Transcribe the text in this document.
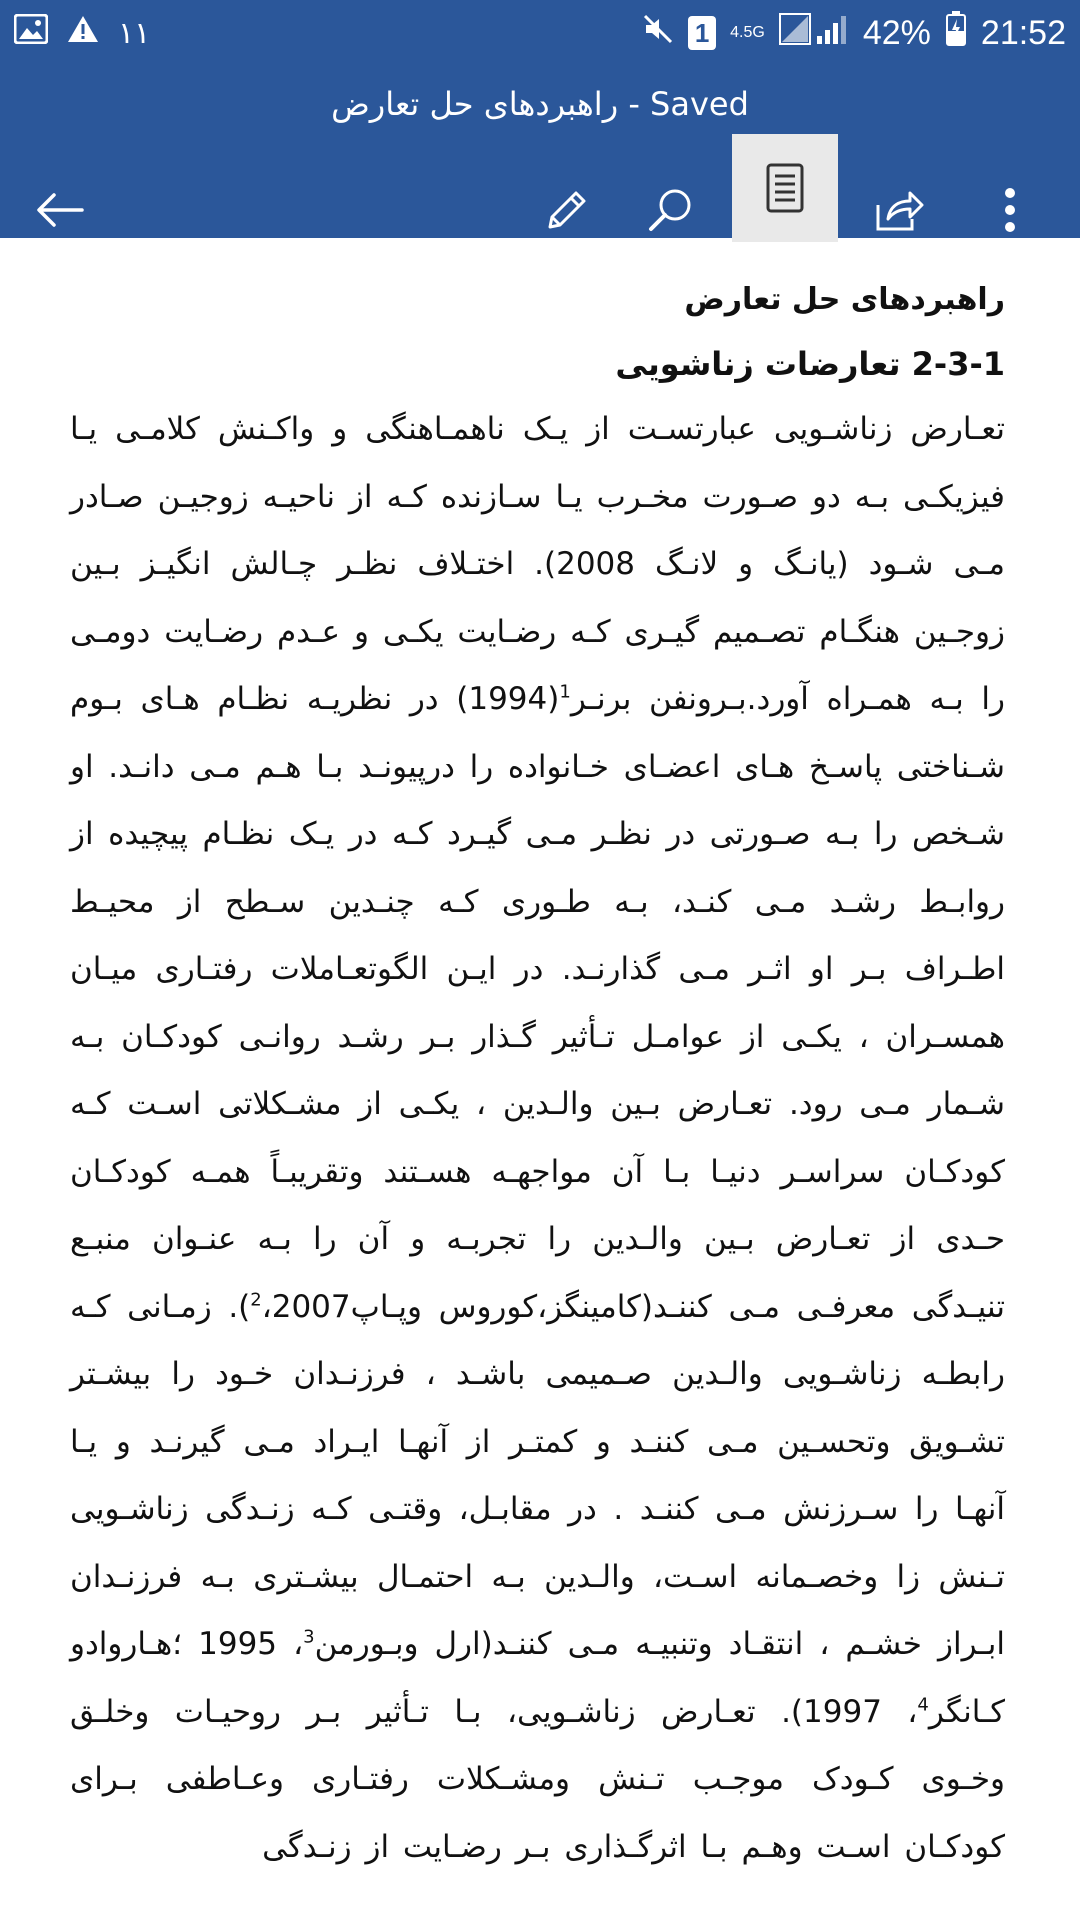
۱۱	1	4.5G	42% 21:52
راهبردهای حل تعارض - Saved
راهبردهای حل تعارض
2-3-1 تعارضات زناشویی

تعـارض زناشـویی عبارتسـت از یـک ناهمـاهنگی و واکـنش کلامـی یـا فیزیکـی بـه دو صـورت مخـرب یـا سـازنده کـه از ناحیـه زوجیـن صـادر مـی شـود (یانـگ و لانـگ 2008). اختـلاف نظـر چـالش انگیـز بـین زوجـین هنگـام تصـمیم گیـری کـه رضـایت یکـی و عـدم رضـایت دومـی را بـه همـراه آورد.بـرونفن برنـر$^1$(1994) در نظریـه نظـام هـای بـوم شـناختی پاسـخ هـای اعضـای خـانواده را درپیونـد بـا هـم مـی دانـد. او شـخص را بـه صـورتی در نظـر مـی گیـرد کـه در یـک نظـام پیچیده از روابـط رشـد مـی کنـد، بـه طـوری کـه چنـدین سـطح از محیـط اطـراف بـر او اثـر مـی گذارنـد. در ایـن الگوتعـاملات رفتـاری میـان همسـران ، یکـی از عوامـل تـأثیر گـذار بـر رشـد روانـی کودکـان بـه شـمار مـی رود. تعـارض بـین والـدین ، یکـی از مشـکلاتی اسـت کـه کودکـان سراسـر دنیـا بـا آن مواجهـه هسـتند وتقریبـاً همـه کودکـان حـدی از تعـارض بـین والـدین را تجربـه و آن را بـه عنـوان منبـع تنیـدگی معرفـی مـی کننـد(کامینگز،کوروس وپـاپ$^2$،2007). زمـانی کـه رابطـه زناشـویی والـدین صـمیمی باشـد ، فرزنـدان خـود را بیشـتر تشـویق وتحسـین مـی کننـد و کمتـر از آنهـا ایـراد مـی گیرنـد و یـا آنهـا را سـرزنش مـی کننـد . در مقابـل، وقتـی کـه زنـدگی زناشـویی تـنش زا وخصـمانه اسـت، والـدین بـه احتمـال بیشـتری بـه فرزنـدان ابـراز خشـم ، انتقـاد وتنبیـه مـی کننـد(ارل وبـورمن$^3$، 1995 ؛هـاروادو کـانگر$^4$، 1997). تعـارض زناشـویی، بـا تـأثیر بـر روحیـات وخلـق وخـوی کـودک موجـب تـنش ومشـکلات رفتـاری وعـاطفی بـرای کودکـان اسـت وهـم بـا اثرگـذاری بـر رضـایت از زنـدگی
